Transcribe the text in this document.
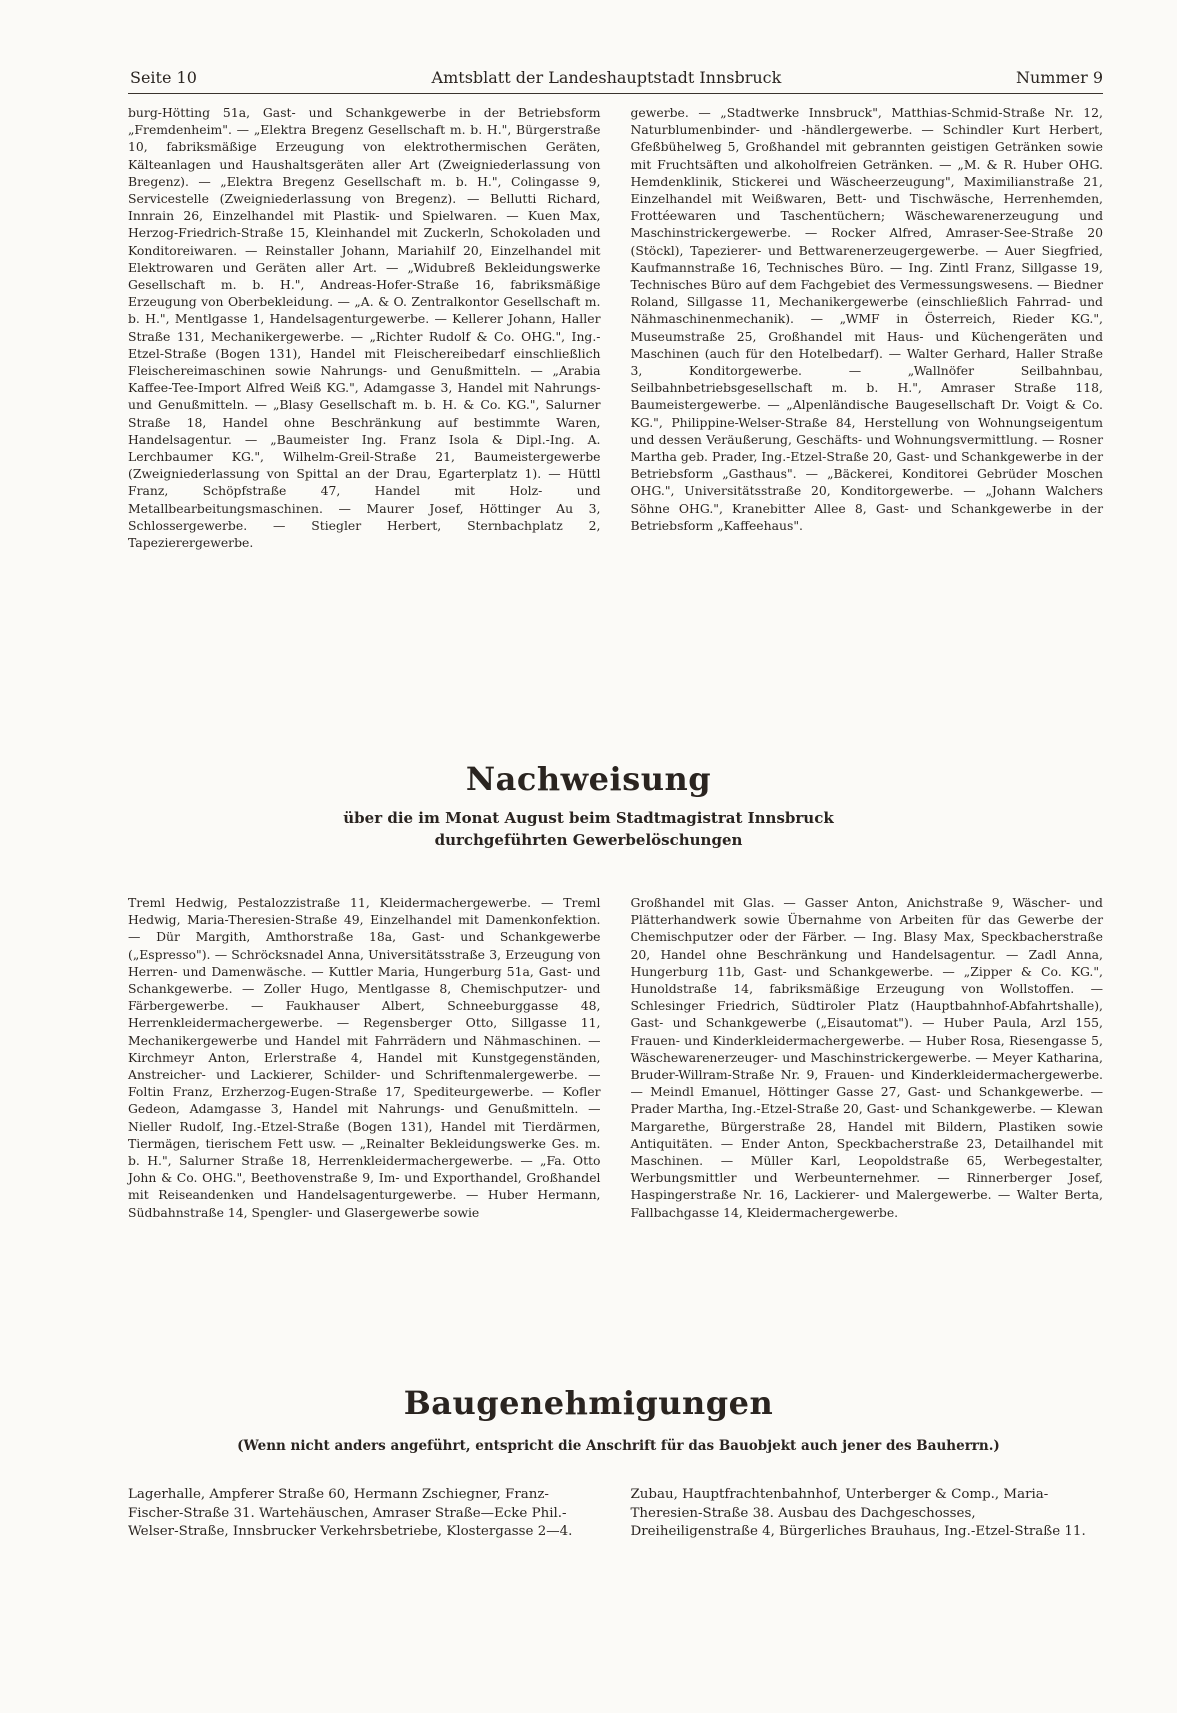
Seite 10	Amtsblatt der Landeshauptstadt Innsbruck	Nummer 9

burg-Hötting 51a, Gast- und Schankgewerbe in der Betriebsform „Fremdenheim". — „Elektra Bregenz Gesellschaft m. b. H.", Bürgerstraße 10, fabriksmäßige Erzeugung von elektrothermischen Geräten, Kälteanlagen und Haushaltsgeräten aller Art (Zweigniederlassung von Bregenz). — „Elektra Bregenz Gesellschaft m. b. H.", Colingasse 9, Servicestelle (Zweigniederlassung von Bregenz). — Bellutti Richard, Innrain 26, Einzelhandel mit Plastik- und Spielwaren. — Kuen Max, Herzog-Friedrich-Straße 15, Kleinhandel mit Zuckerln, Schokoladen und Konditoreiwaren. — Reinstaller Johann, Mariahilf 20, Einzelhandel mit Elektrowaren und Geräten aller Art. — „Widubreß Bekleidungswerke Gesellschaft m. b. H.", Andreas-Hofer-Straße 16, fabriksmäßige Erzeugung von Oberbekleidung. — „A. & O. Zentralkontor Gesellschaft m. b. H.", Mentlgasse 1, Handelsagenturgewerbe. — Kellerer Johann, Haller Straße 131, Mechanikergewerbe. — „Richter Rudolf & Co. OHG.", Ing.-Etzel-Straße (Bogen 131), Handel mit Fleischereibedarf einschließlich Fleischereimaschinen sowie Nahrungs- und Genußmitteln. — „Arabia Kaffee-Tee-Import Alfred Weiß KG.", Adamgasse 3, Handel mit Nahrungs- und Genußmitteln. — „Blasy Gesellschaft m. b. H. & Co. KG.", Salurner Straße 18, Handel ohne Beschränkung auf bestimmte Waren, Handelsagentur. — „Baumeister Ing. Franz Isola & Dipl.-Ing. A. Lerchbaumer KG.", Wilhelm-Greil-Straße 21, Baumeistergewerbe (Zweigniederlassung von Spittal an der Drau, Egarterplatz 1). — Hüttl Franz, Schöpfstraße 47, Handel mit Holz- und Metallbearbeitungsmaschinen. — Maurer Josef, Höttinger Au 3, Schlossergewerbe. — Stiegler Herbert, Sternbachplatz 2, Tapezierergewerbe.

gewerbe. — „Stadtwerke Innsbruck", Matthias-Schmid-Straße Nr. 12, Naturblumenbinder- und -händlergewerbe. — Schindler Kurt Herbert, Gfeßbühelweg 5, Großhandel mit gebrannten geistigen Getränken sowie mit Fruchtsäften und alkoholfreien Getränken. — „M. & R. Huber OHG. Hemdenklinik, Stickerei und Wäscheerzeugung", Maximilianstraße 21, Einzelhandel mit Weißwaren, Bett- und Tischwäsche, Herrenhemden, Frottéewaren und Taschentüchern; Wäschewarenerzeugung und Maschinstrickergewerbe. — Rocker Alfred, Amraser-See-Straße 20 (Stöckl), Tapezierer- und Bettwarenerzeugergewerbe. — Auer Siegfried, Kaufmannstraße 16, Technisches Büro. — Ing. Zintl Franz, Sillgasse 19, Technisches Büro auf dem Fachgebiet des Vermessungswesens. — Biedner Roland, Sillgasse 11, Mechanikergewerbe (einschließlich Fahrrad- und Nähmaschinenmechanik). — „WMF in Österreich, Rieder KG.", Museumstraße 25, Großhandel mit Haus- und Küchengeräten und Maschinen (auch für den Hotelbedarf). — Walter Gerhard, Haller Straße 3, Konditorgewerbe. — „Wallnöfer Seilbahnbau, Seilbahnbetriebsgesellschaft m. b. H.", Amraser Straße 118, Baumeistergewerbe. — „Alpenländische Baugesellschaft Dr. Voigt & Co. KG.", Philippine-Welser-Straße 84, Herstellung von Wohnungseigentum und dessen Veräußerung, Geschäfts- und Wohnungsvermittlung. — Rosner Martha geb. Prader, Ing.-Etzel-Straße 20, Gast- und Schankgewerbe in der Betriebsform „Gasthaus". — „Bäckerei, Konditorei Gebrüder Moschen OHG.", Universitätsstraße 20, Konditorgewerbe. — „Johann Walchers Söhne OHG.", Kranebitter Allee 8, Gast- und Schankgewerbe in der Betriebsform „Kaffeehaus".

Nachweisung

über die im Monat August beim Stadtmagistrat Innsbruck

durchgeführten Gewerbelöschungen

Treml Hedwig, Pestalozzistraße 11, Kleidermachergewerbe. — Treml Hedwig, Maria-Theresien-Straße 49, Einzelhandel mit Damenkonfektion. — Dür Margith, Amthorstraße 18a, Gast- und Schankgewerbe („Espresso"). — Schröcksnadel Anna, Universitätsstraße 3, Erzeugung von Herren- und Damenwäsche. — Kuttler Maria, Hungerburg 51a, Gast- und Schankgewerbe. — Zoller Hugo, Mentlgasse 8, Chemischputzer- und Färbergewerbe. — Faukhauser Albert, Schneeburggasse 48, Herrenkleidermachergewerbe. — Regensberger Otto, Sillgasse 11, Mechanikergewerbe und Handel mit Fahrrädern und Nähmaschinen. — Kirchmeyr Anton, Erlerstraße 4, Handel mit Kunstgegenständen, Anstreicher- und Lackierer, Schilder- und Schriftenmalergewerbe. — Foltin Franz, Erzherzog-Eugen-Straße 17, Spediteurgewerbe. — Kofler Gedeon, Adamgasse 3, Handel mit Nahrungs- und Genußmitteln. — Nieller Rudolf, Ing.-Etzel-Straße (Bogen 131), Handel mit Tierdärmen, Tiermägen, tierischem Fett usw. — „Reinalter Bekleidungswerke Ges. m. b. H.", Salurner Straße 18, Herrenkleidermachergewerbe. — „Fa. Otto John & Co. OHG.", Beethovenstraße 9, Im- und Exporthandel, Großhandel mit Reiseandenken und Handelsagenturgewerbe. — Huber Hermann, Südbahnstraße 14, Spengler- und Glasergewerbe sowie

Großhandel mit Glas. — Gasser Anton, Anichstraße 9, Wäscher- und Plätterhandwerk sowie Übernahme von Arbeiten für das Gewerbe der Chemischputzer oder der Färber. — Ing. Blasy Max, Speckbacherstraße 20, Handel ohne Beschränkung und Handelsagentur. — Zadl Anna, Hungerburg 11b, Gast- und Schankgewerbe. — „Zipper & Co. KG.", Hunoldstraße 14, fabriksmäßige Erzeugung von Wollstoffen. — Schlesinger Friedrich, Südtiroler Platz (Hauptbahnhof-Abfahrtshalle), Gast- und Schankgewerbe („Eisautomat"). — Huber Paula, Arzl 155, Frauen- und Kinderkleidermachergewerbe. — Huber Rosa, Riesengasse 5, Wäschewarenerzeuger- und Maschinstrickergewerbe. — Meyer Katharina, Bruder-Willram-Straße Nr. 9, Frauen- und Kinderkleidermachergewerbe. — Meindl Emanuel, Höttinger Gasse 27, Gast- und Schankgewerbe. — Prader Martha, Ing.-Etzel-Straße 20, Gast- und Schankgewerbe. — Klewan Margarethe, Bürgerstraße 28, Handel mit Bildern, Plastiken sowie Antiquitäten. — Ender Anton, Speckbacherstraße 23, Detailhandel mit Maschinen. — Müller Karl, Leopoldstraße 65, Werbegestalter, Werbungsmittler und Werbeunternehmer. — Rinnerberger Josef, Haspingerstraße Nr. 16, Lackierer- und Malergewerbe. — Walter Berta, Fallbachgasse 14, Kleidermachergewerbe.

Baugenehmigungen

(Wenn nicht anders angeführt, entspricht die Anschrift für das Bauobjekt auch jener des Bauherrn.)

Lagerhalle, Ampferer Straße 60, Hermann Zschiegner, Franz-Fischer-Straße 31. Wartehäuschen, Amraser Straße—Ecke Phil.-Welser-Straße, Innsbrucker Verkehrsbetriebe, Klostergasse 2—4.

Zubau, Hauptfrachtenbahnhof, Unterberger & Comp., Maria-Theresien-Straße 38. Ausbau des Dachgeschosses, Dreiheiligenstraße 4, Bürgerliches Brauhaus, Ing.-Etzel-Straße 11.
